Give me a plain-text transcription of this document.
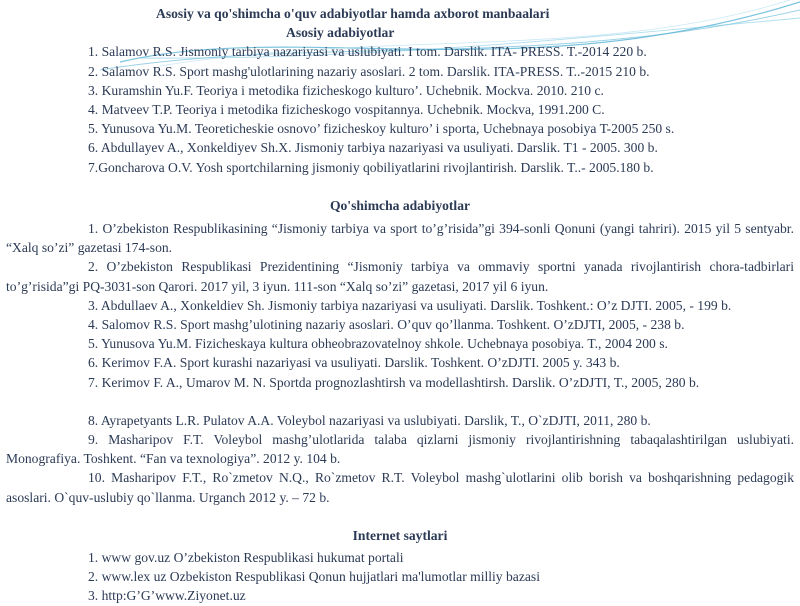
Asosiy va qo'shimcha o'quv adabiyotlar hamda axborot manbaalari

Asosiy adabiyotlar

1. Salamov R.S. Jismoniy tarbiya nazariyasi va uslubiyati. I tom. Darslik. ITA- PRESS. T.-2014 220 b.

2. Salamov R.S. Sport mashg'ulotlarining nazariy asoslari. 2 tom. Darslik. ITA-PRESS. T..-2015 210 b.

3. Kuramshin Yu.F. Teoriya i metodika fizicheskogo kulturo’. Uchebnik. Mockva. 2010. 210 c.

4. Matveev T.P. Teoriya i metodika fizicheskogo vospitannya. Uchebnik. Mockva, 1991.200 C.

5. Yunusova Yu.M. Teoreticheskie osnovo’ fizicheskoy kulturo’ i sporta, Uchebnaya posobiya T-2005 250 s.

6. Abdullayev A., Xonkeldiyev Sh.X. Jismoniy tarbiya nazariyasi va usuliyati. Darslik. T1 - 2005. 300 b.

7.Goncharova O.V. Yosh sportchilarning jismoniy qobiliyatlarini rivojlantirish. Darslik. T..- 2005.180 b.

Qo'shimcha adabiyotlar

1. O’zbekiston Respublikasining “Jismoniy tarbiya va sport to’g’risida”gi 394-sonli Qonuni (yangi tahriri). 2015 yil 5 sentyabr. “Xalq so’zi” gazetasi 174-son.

2. O’zbekiston Respublikasi Prezidentining “Jismoniy tarbiya va ommaviy sportni yanada rivojlantirish chora-tadbirlari to’g’risida”gi PQ-3031-son Qarori. 2017 yil, 3 iyun. 111-son “Xalq so’zi” gazetasi, 2017 yil 6 iyun.

3. Abdullaev A., Xonkeldiev Sh. Jismoniy tarbiya nazariyasi va usuliyati. Darslik. Toshkent.: O’z DJTI. 2005, - 199 b.

4. Salomov R.S. Sport mashg’ulotining nazariy asoslari. O’quv qo’llanma. Toshkent. O’zDJTI, 2005, - 238 b.

5. Yunusova Yu.M. Fizicheskaya kultura obheobrazovatelnoy shkole. Uchebnaya posobiya. T., 2004 200 s.

6. Kerimov F.A. Sport kurashi nazariyasi va usuliyati. Darslik. Toshkent. O’zDJTI. 2005 y. 343 b.

7. Kerimov F. A., Umarov M. N. Sportda prognozlashtirsh va modellashtirsh. Darslik. O’zDJTI, T., 2005, 280 b.

8. Ayrapetyants L.R. Pulatov A.A. Voleybol nazariyasi va uslubiyati. Darslik, T., O`zDJTI, 2011, 280 b.

9. Masharipov F.T. Voleybol mashg’ulotlarida talaba qizlarni jismoniy rivojlantirishning tabaqalashtirilgan uslubiyati. Monografiya. Toshkent. “Fan va texnologiya”. 2012 y. 104 b.

10. Masharipov F.T., Ro`zmetov N.Q., Ro`zmetov R.T. Voleybol mashg`ulotlarini olib borish va boshqarishning pedagogik asoslari. O`quv-uslubiy qo`llanma. Urganch 2012 y. – 72 b.

Internet saytlari

1. www gov.uz O’zbekiston Respublikasi hukumat portali

2. www.lex uz Ozbekiston Respublikasi Qonun hujjatlari ma'lumotlar milliy bazasi

3. http:G’G’www.Ziyonet.uz
